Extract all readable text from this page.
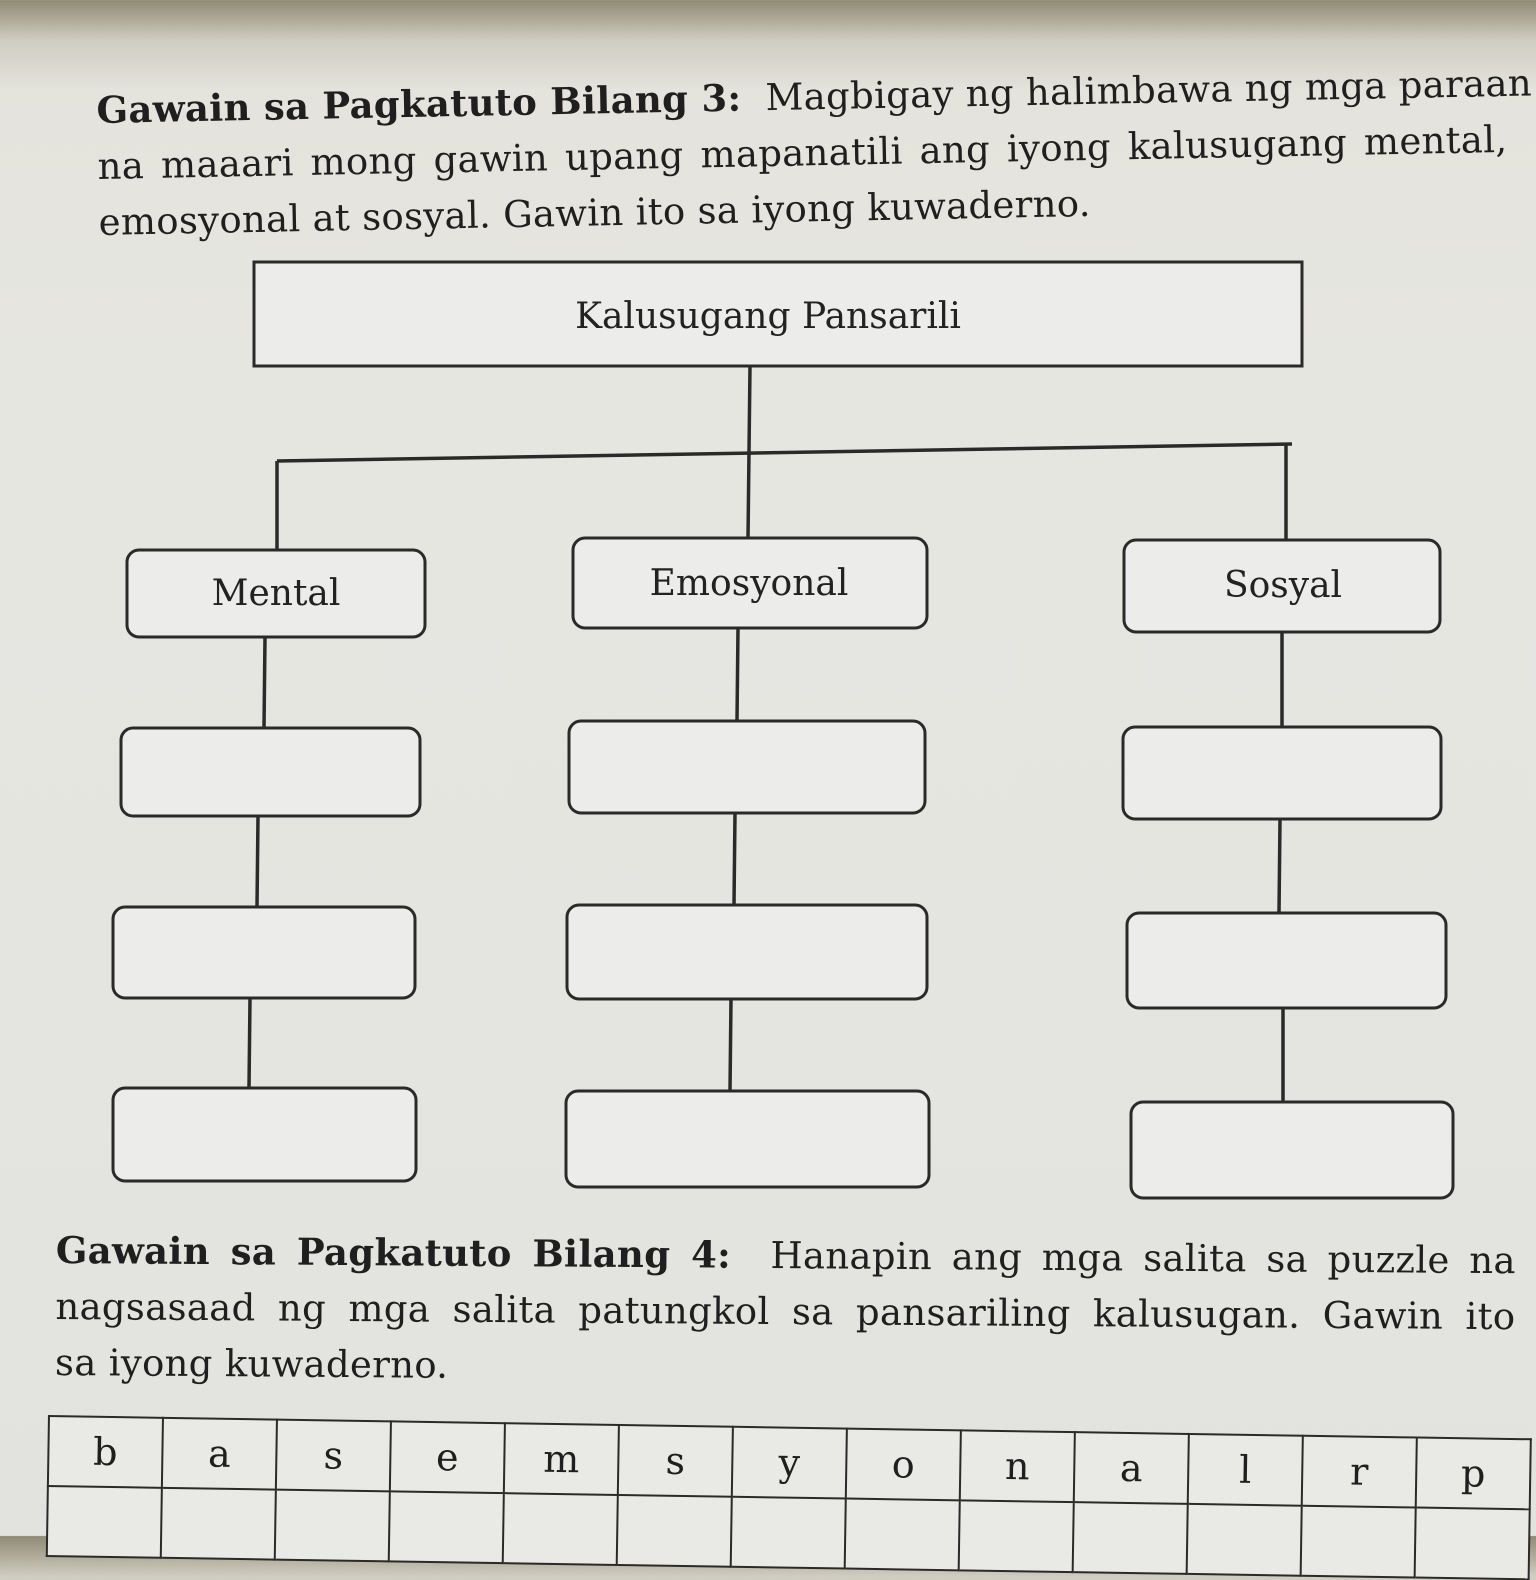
Gawain sa Pagkatuto Bilang 3: Magbigay ng halimbawa ng mga paraan
na maaari mong gawin upang mapanatili ang iyong kalusugang mental,
emosyonal at sosyal. Gawin ito sa iyong kuwaderno.
Kalusugang Pansarili
Mental	Emosyonal	Sosyal
Gawain sa Pagkatuto Bilang 4: Hanapin ang mga salita sa puzzle na
nagsasaad ng mga salita patungkol sa pansariling kalusugan. Gawin ito
sa iyong kuwaderno.
b	a	s	e	m	s	y	o	n	a	l	r	p
